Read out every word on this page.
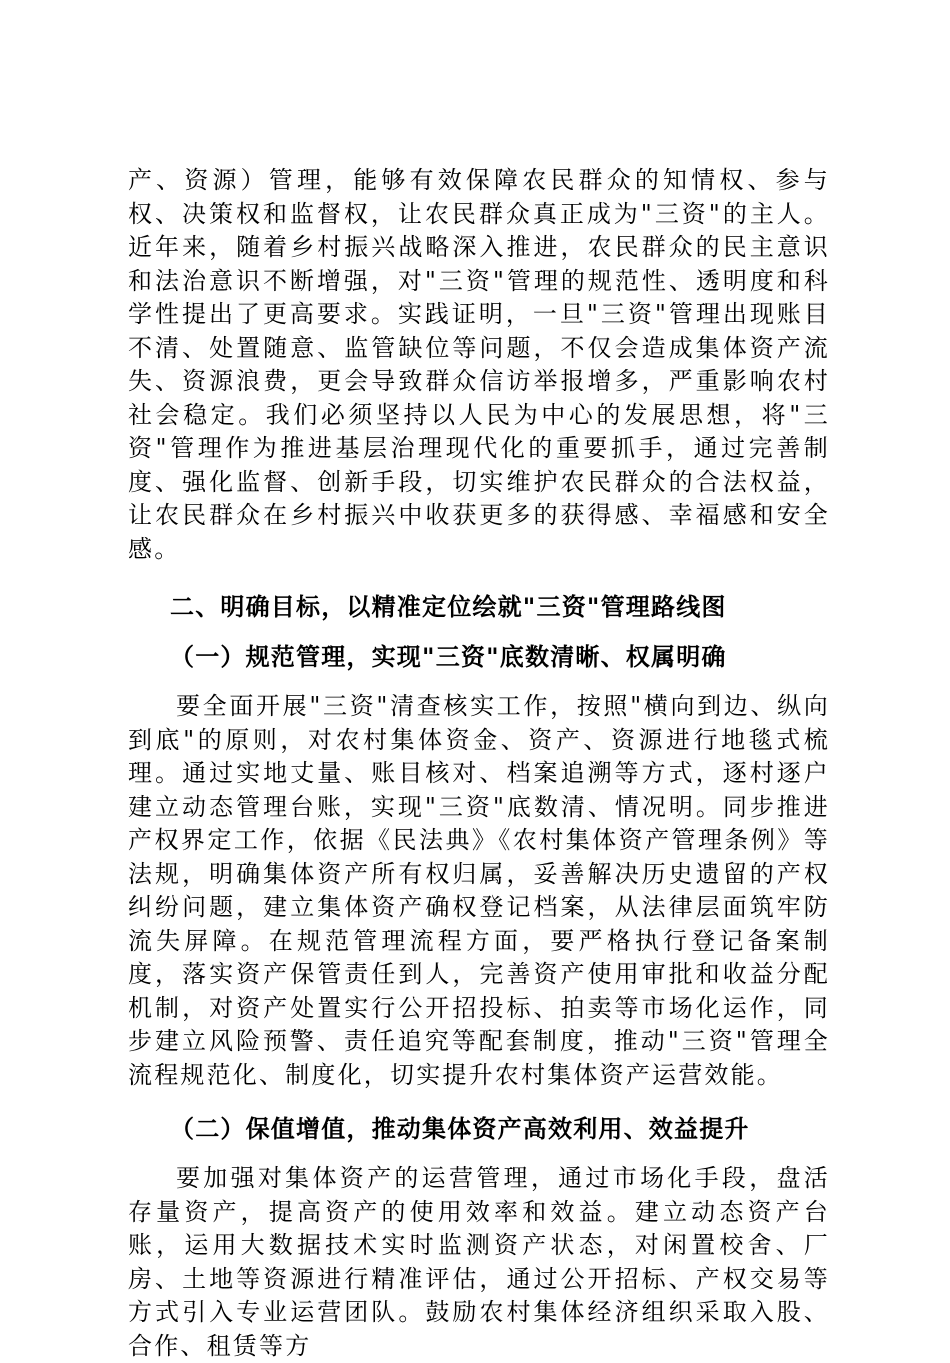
产、资源）管理，能够有效保障农民群众的知情权、参与权、决策权和监督权，让农民群众真正成为"三资"的主人。近年来，随着乡村振兴战略深入推进，农民群众的民主意识和法治意识不断增强，对"三资"管理的规范性、透明度和科学性提出了更高要求。实践证明，一旦"三资"管理出现账目不清、处置随意、监管缺位等问题，不仅会造成集体资产流失、资源浪费，更会导致群众信访举报增多，严重影响农村社会稳定。我们必须坚持以人民为中心的发展思想，将"三资"管理作为推进基层治理现代化的重要抓手，通过完善制度、强化监督、创新手段，切实维护农民群众的合法权益，让农民群众在乡村振兴中收获更多的获得感、幸福感和安全感。

二、明确目标，以精准定位绘就"三资"管理路线图
（一）规范管理，实现"三资"底数清晰、权属明确

要全面开展"三资"清查核实工作，按照"横向到边、纵向到底"的原则，对农村集体资金、资产、资源进行地毯式梳理。通过实地丈量、账目核对、档案追溯等方式，逐村逐户建立动态管理台账，实现"三资"底数清、情况明。同步推进产权界定工作，依据《民法典》《农村集体资产管理条例》等法规，明确集体资产所有权归属，妥善解决历史遗留的产权纠纷问题，建立集体资产确权登记档案，从法律层面筑牢防流失屏障。在规范管理流程方面，要严格执行登记备案制度，落实资产保管责任到人，完善资产使用审批和收益分配机制，对资产处置实行公开招投标、拍卖等市场化运作，同步建立风险预警、责任追究等配套制度，推动"三资"管理全流程规范化、制度化，切实提升农村集体资产运营效能。

（二）保值增值，推动集体资产高效利用、效益提升

要加强对集体资产的运营管理，通过市场化手段，盘活存量资产，提高资产的使用效率和效益。建立动态资产台账，运用大数据技术实时监测资产状态，对闲置校舍、厂房、土地等资源进行精准评估，通过公开招标、产权交易等方式引入专业运营团队。鼓励农村集体经济组织采取入股、合作、租赁等方
